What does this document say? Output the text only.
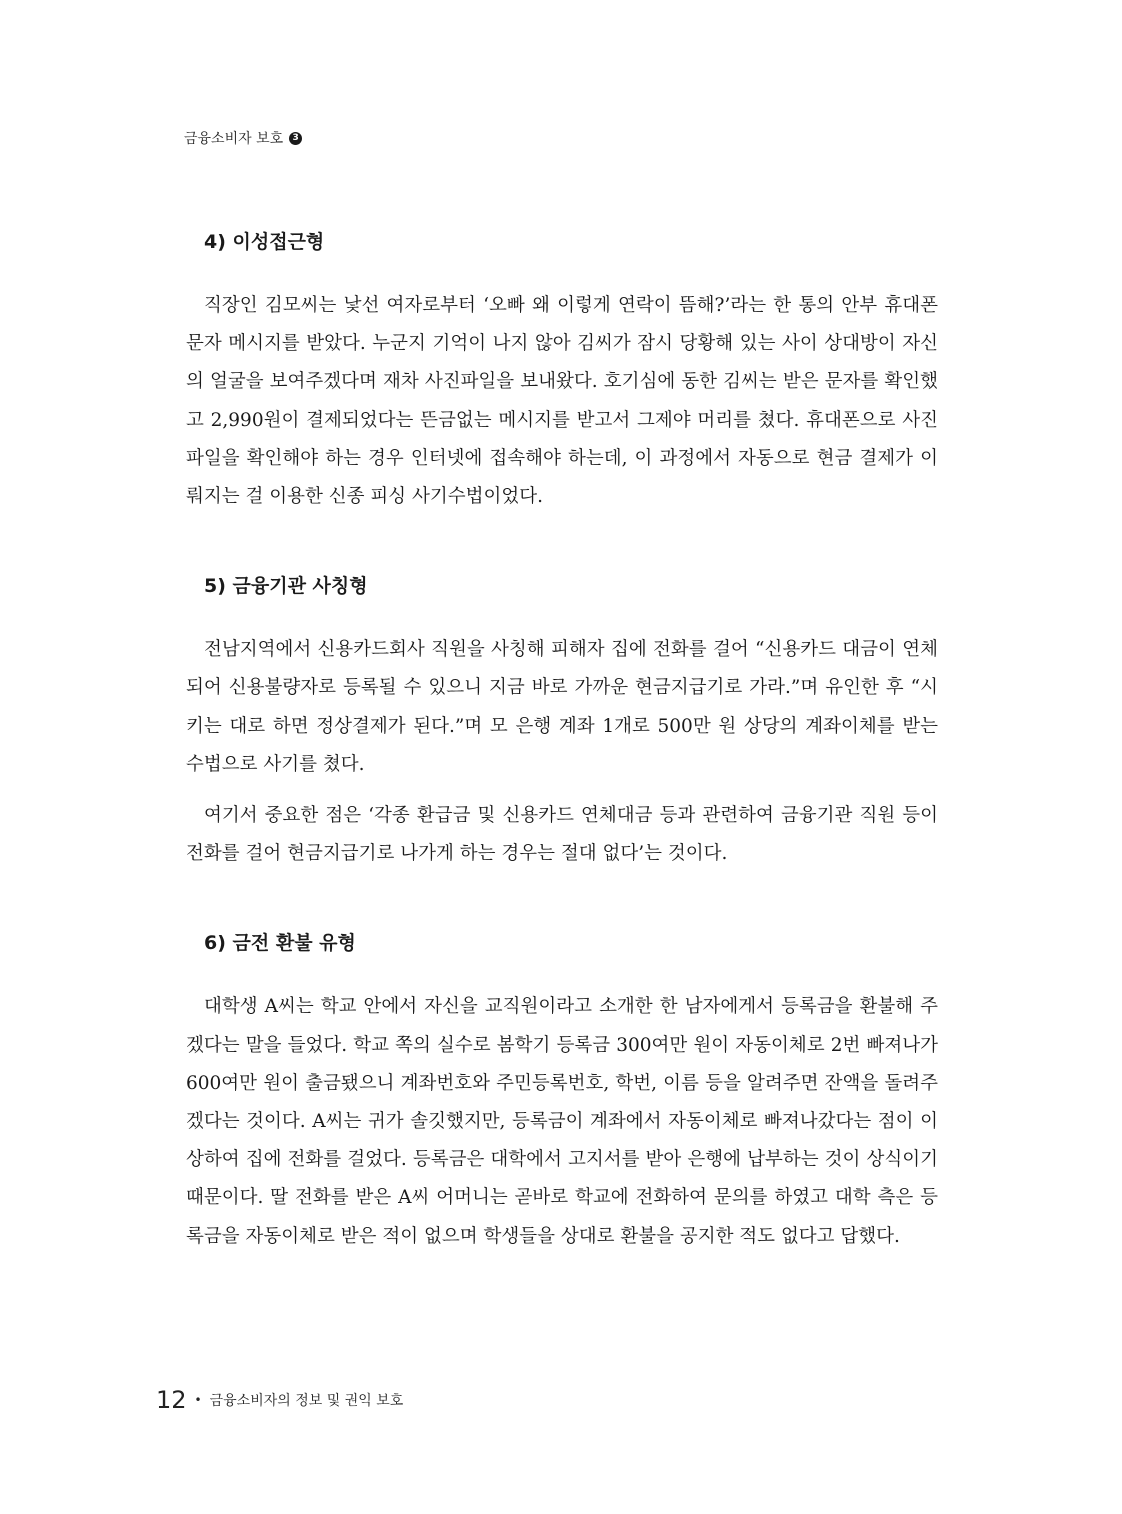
금융소비자 보호	3
4) 이성접근형

직장인 김모씨는 낯선 여자로부터 ‘오빠 왜 이렇게 연락이 뜸해?’라는 한 통의 안부 휴대폰 문자 메시지를 받았다. 누군지 기억이 나지 않아 김씨가 잠시 당황해 있는 사이 상대방이 자신의 얼굴을 보여주겠다며 재차 사진파일을 보내왔다. 호기심에 동한 김씨는 받은 문자를 확인했고 2,990원이 결제되었다는 뜬금없는 메시지를 받고서 그제야 머리를 쳤다. 휴대폰으로 사진파일을 확인해야 하는 경우 인터넷에 접속해야 하는데, 이 과정에서 자동으로 현금 결제가 이뤄지는 걸 이용한 신종 피싱 사기수법이었다.

5) 금융기관 사칭형

전남지역에서 신용카드회사 직원을 사칭해 피해자 집에 전화를 걸어 “신용카드 대금이 연체되어 신용불량자로 등록될 수 있으니 지금 바로 가까운 현금지급기로 가라.”며 유인한 후 “시키는 대로 하면 정상결제가 된다.”며 모 은행 계좌 1개로 500만 원 상당의 계좌이체를 받는 수법으로 사기를 쳤다.

여기서 중요한 점은 ‘각종 환급금 및 신용카드 연체대금 등과 관련하여 금융기관 직원 등이 전화를 걸어 현금지급기로 나가게 하는 경우는 절대 없다’는 것이다.

6) 금전 환불 유형

대학생 A씨는 학교 안에서 자신을 교직원이라고 소개한 한 남자에게서 등록금을 환불해 주겠다는 말을 들었다. 학교 쪽의 실수로 봄학기 등록금 300여만 원이 자동이체로 2번 빠져나가 600여만 원이 출금됐으니 계좌번호와 주민등록번호, 학번, 이름 등을 알려주면 잔액을 돌려주겠다는 것이다. A씨는 귀가 솔깃했지만, 등록금이 계좌에서 자동이체로 빠져나갔다는 점이 이상하여 집에 전화를 걸었다. 등록금은 대학에서 고지서를 받아 은행에 납부하는 것이 상식이기 때문이다. 딸 전화를 받은 A씨 어머니는 곧바로 학교에 전화하여 문의를 하였고 대학 측은 등록금을 자동이체로 받은 적이 없으며 학생들을 상대로 환불을 공지한 적도 없다고 답했다.

12 • 금융소비자의 정보 및 권익 보호
